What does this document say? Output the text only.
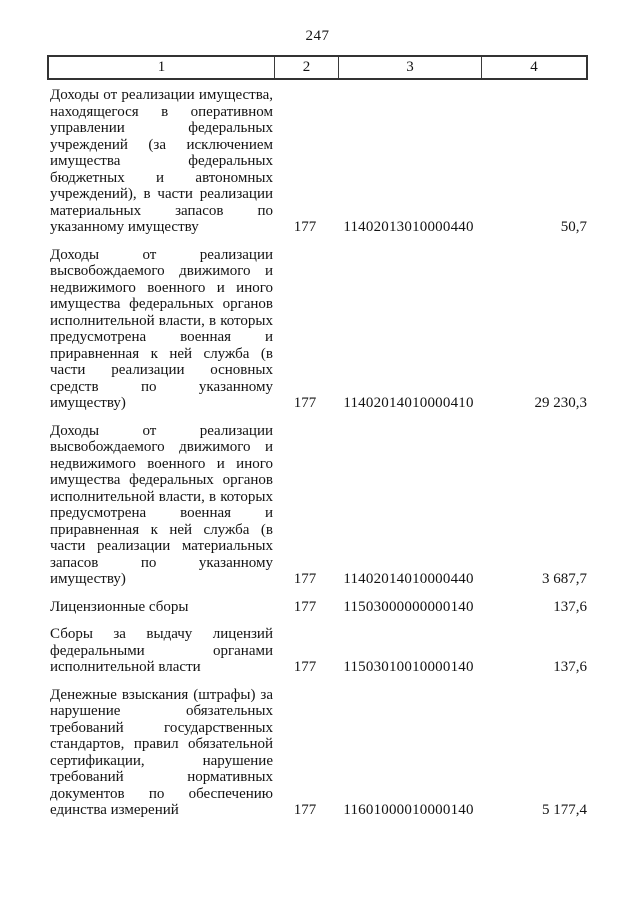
247
1	2	3	4
Доходы от реализации имущества, находящегося в оперативном управлении федеральных учреждений (за исключением имущества федеральных бюджетных и автономных учреждений), в части реализации материальных запасов по указанному имуществу	177	11402013010000440	50,7
Доходы от реализации высвобождаемого движимого и недвижимого военного и иного имущества федеральных органов исполнительной власти, в которых предусмотрена военная и приравненная к ней служба (в части реализации основных средств по указанному имуществу)	177	11402014010000410	29 230,3
Доходы от реализации высвобождаемого движимого и недвижимого военного и иного имущества федеральных органов исполнительной власти, в которых предусмотрена военная и приравненная к ней служба (в части реализации материальных запасов по указанному имуществу)	177	11402014010000440	3 687,7
Лицензионные сборы	177	11503000000000140	137,6
Сборы за выдачу лицензий федеральными органами исполнительной власти	177	11503010010000140	137,6
Денежные взыскания (штрафы) за нарушение обязательных требований государственных стандартов, правил обязательной сертификации, нарушение требований нормативных документов по обеспечению единства измерений	177	11601000010000140	5 177,4
